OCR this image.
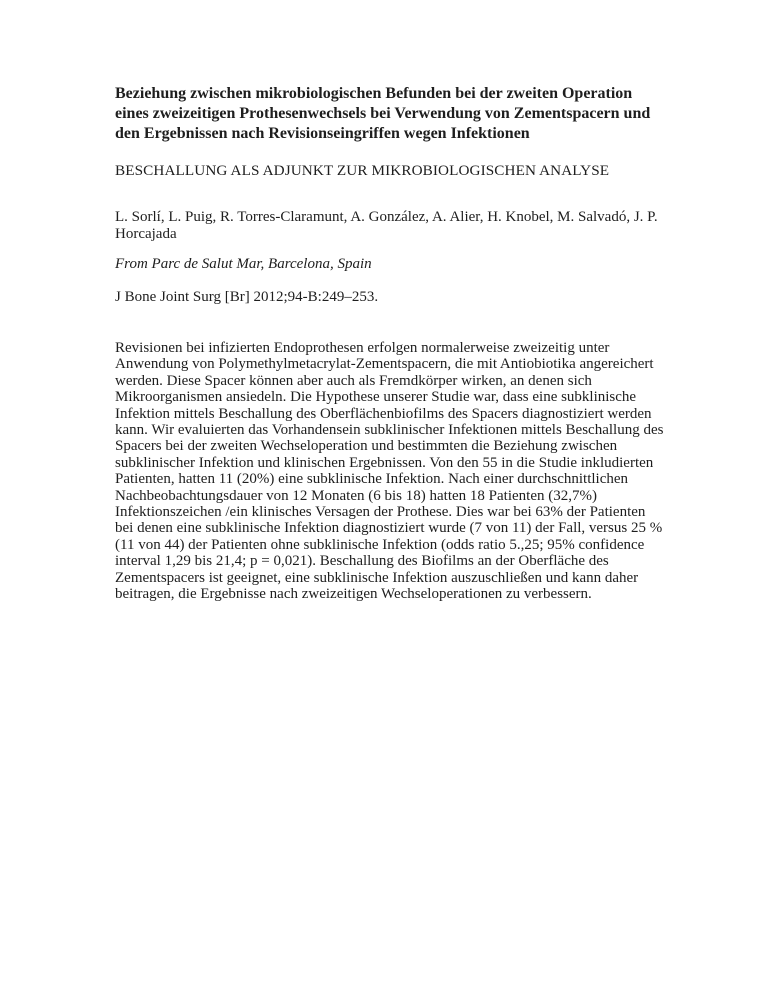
Beziehung zwischen mikrobiologischen Befunden bei der zweiten Operation eines zweizeitigen Prothesenwechsels bei Verwendung von Zementspacern und den Ergebnissen nach Revisionseingriffen wegen Infektionen
BESCHALLUNG ALS ADJUNKT ZUR MIKROBIOLOGISCHEN ANALYSE
L. Sorlí, L. Puig, R. Torres-Claramunt, A. González, A. Alier, H. Knobel, M. Salvadó, J. P. Horcajada
From Parc de Salut Mar, Barcelona, Spain
J Bone Joint Surg [Br] 2012;94-B:249–253.

Revisionen bei infizierten Endoprothesen erfolgen normalerweise zweizeitig unter Anwendung von Polymethylmetacrylat-Zementspacern, die mit Antiobiotika angereichert werden. Diese Spacer können aber auch als Fremdkörper wirken, an denen sich Mikroorganismen ansiedeln. Die Hypothese unserer Studie war, dass eine subklinische Infektion mittels Beschallung des Oberflächenbiofilms des Spacers diagnostiziert werden kann. Wir evaluierten das Vorhandensein subklinischer Infektionen mittels Beschallung des Spacers bei der zweiten Wechseloperation und bestimmten die Beziehung zwischen subklinischer Infektion und klinischen Ergebnissen. Von den 55 in die Studie inkludierten Patienten, hatten 11 (20%) eine subklinische Infektion. Nach einer durchschnittlichen Nachbeobachtungsdauer von 12 Monaten (6 bis 18) hatten 18 Patienten (32,7%) Infektionszeichen /ein klinisches Versagen der Prothese. Dies war bei 63% der Patienten bei denen eine subklinische Infektion diagnostiziert wurde (7 von 11) der Fall, versus 25 % (11 von 44) der Patienten ohne subklinische Infektion (odds ratio 5.,25; 95% confidence interval 1,29 bis 21,4; p = 0,021). Beschallung des Biofilms an der Oberfläche des Zementspacers ist geeignet, eine subklinische Infektion auszuschließen und kann daher beitragen, die Ergebnisse nach zweizeitigen Wechseloperationen zu verbessern.
